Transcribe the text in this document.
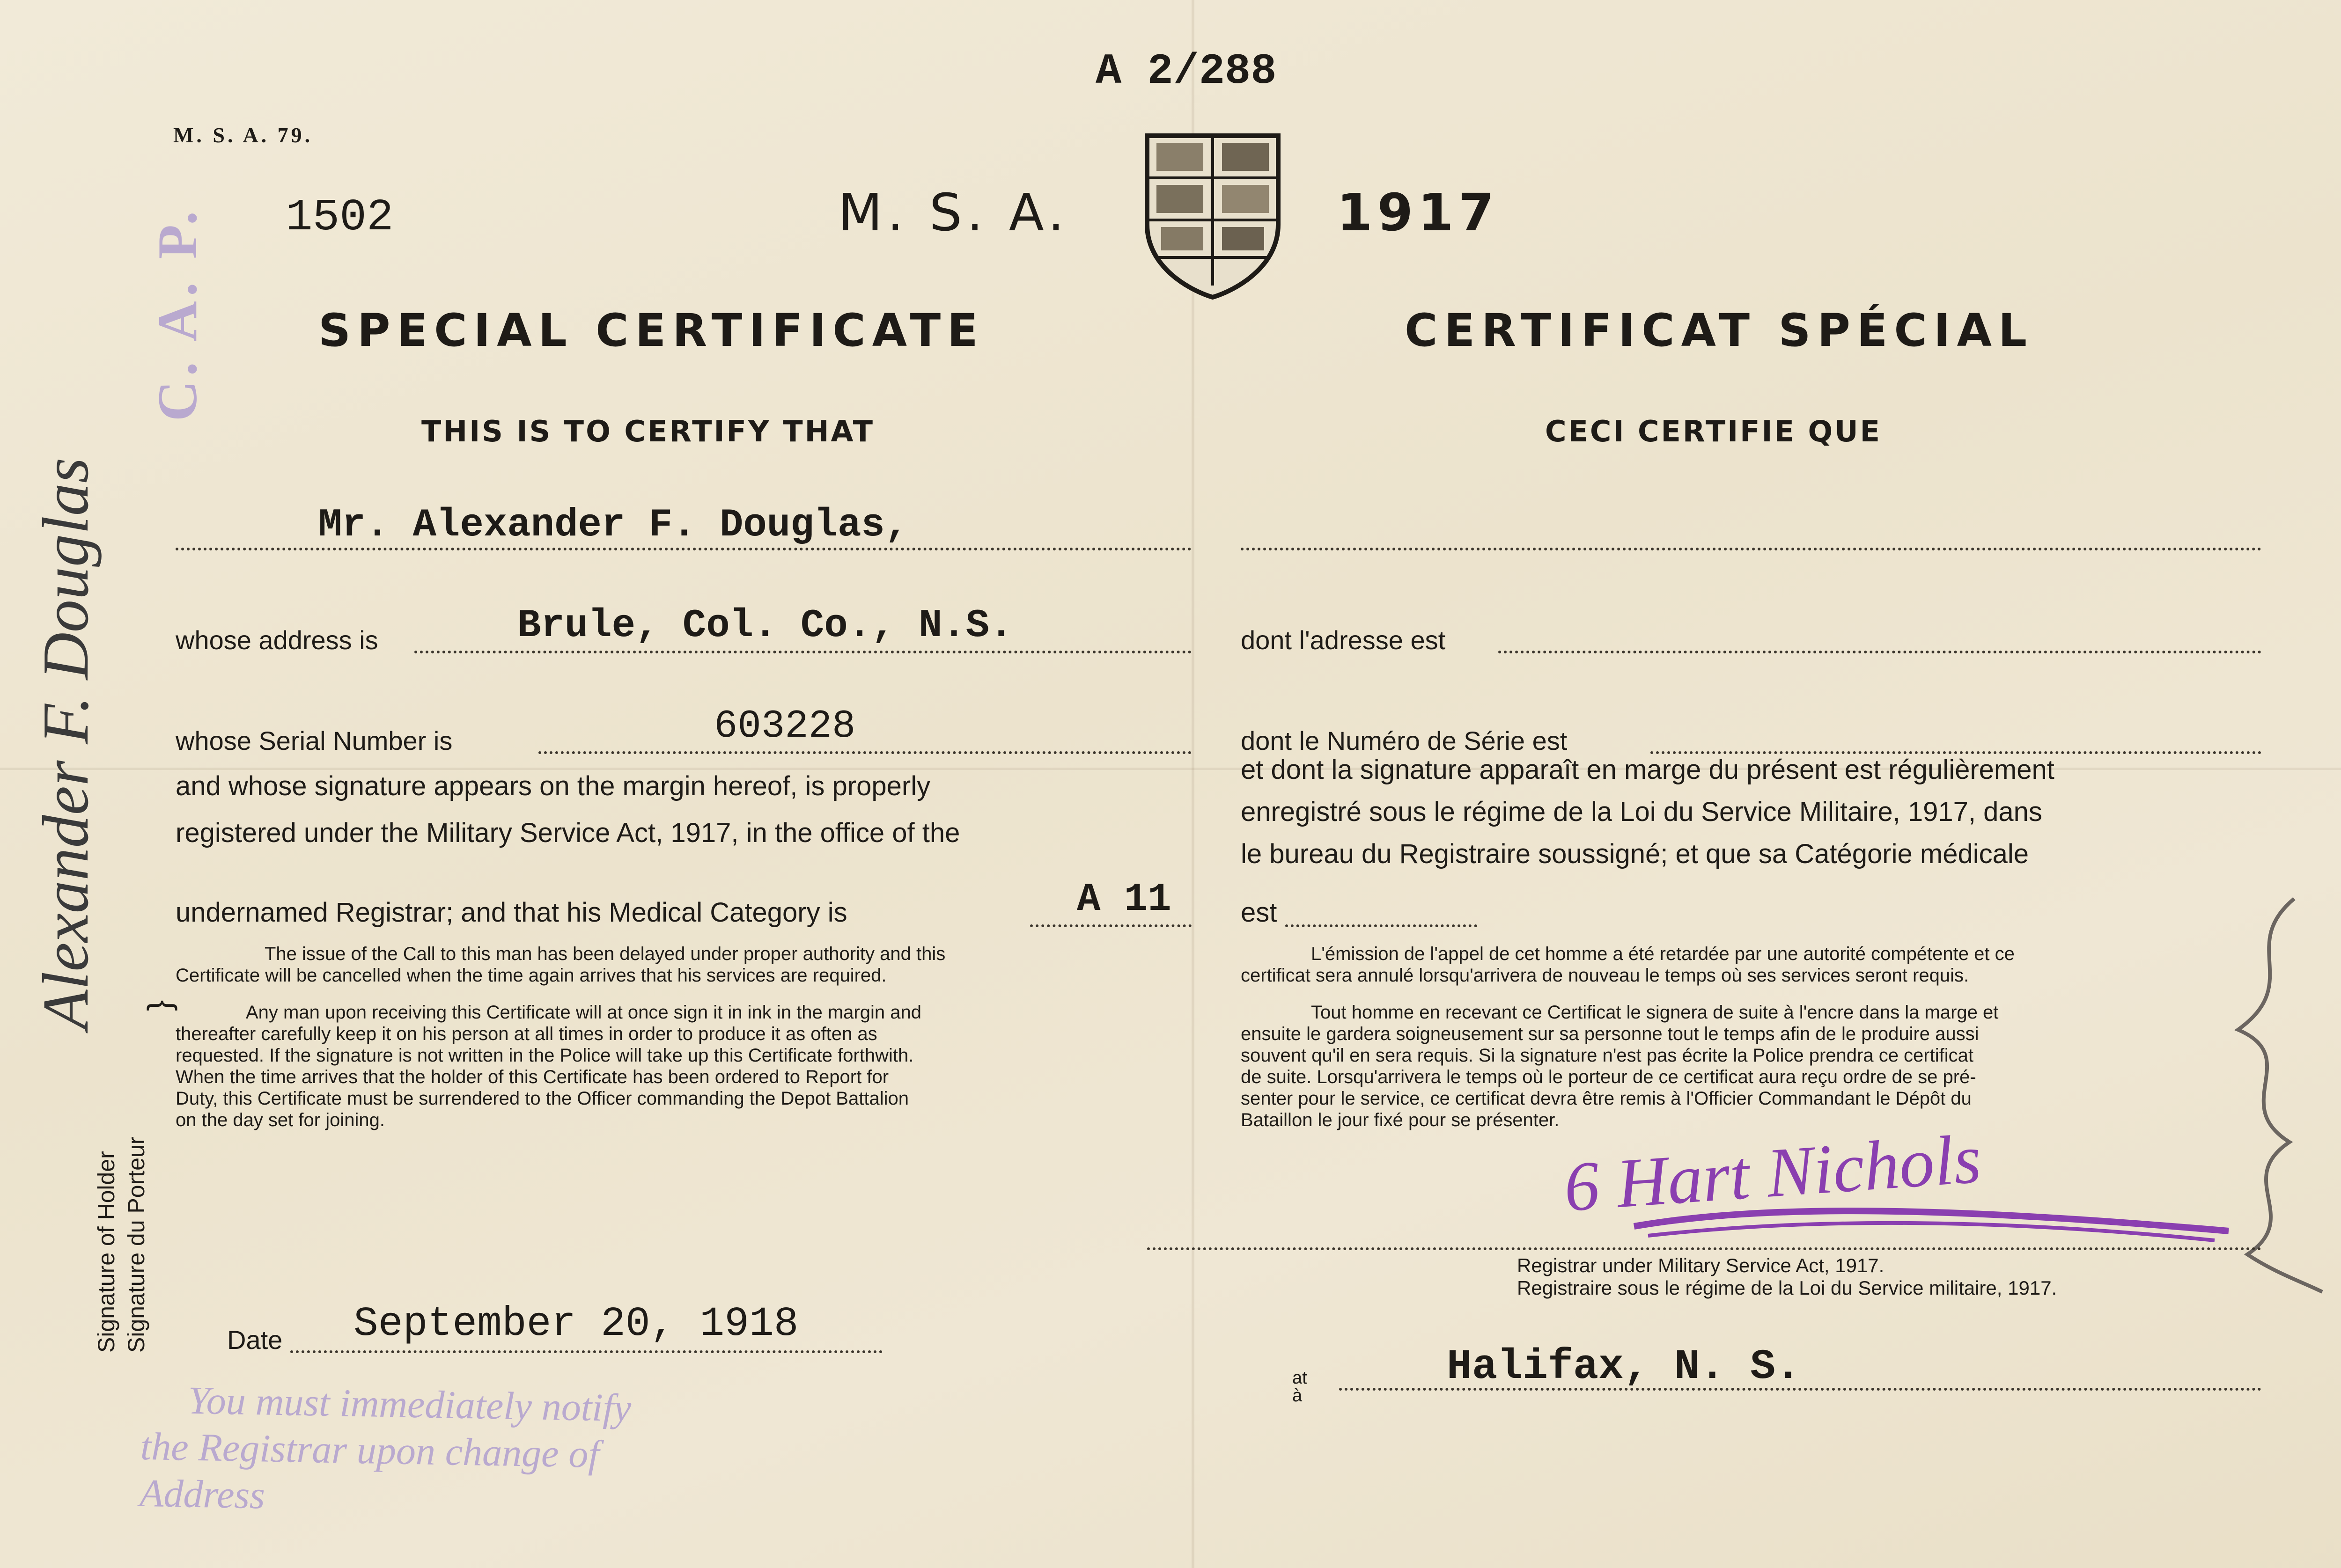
M. S. A. 79.
A 2/288
1502	M. S. A.	1917
C. A. P. SPECIAL CERTIFICATE	CERTIFICAT SPÉCIAL
THIS IS TO CERTIFY THAT	CECI CERTIFIE QUE
Mr. Alexander F. Douglas,
whose address is	Brule, Col. Co., N.S.	dont l'adresse est
whose Serial Number is	603228	dont le Numéro de Série est
and whose signature appears on the margin hereof, is properly
registered under the Military Service Act, 1917, in the office of the
undernamed Registrar; and that his Medical Category is	A 11
et dont la signature apparaît en marge du présent est régulièrement
enregistré sous le régime de la Loi du Service Militaire, 1917, dans
le bureau du Registraire soussigné; et que sa Catégorie médicale
est
The issue of the Call to this man has been delayed under proper authority and this
Certificate will be cancelled when the time again arrives that his services are required.
Any man upon receiving this Certificate will at once sign it in ink in the margin and
thereafter carefully keep it on his person at all times in order to produce it as often as
requested. If the signature is not written in the Police will take up this Certificate forthwith.
When the time arrives that the holder of this Certificate has been ordered to Report for
Duty, this Certificate must be surrendered to the Officer commanding the Depot Battalion
on the day set for joining.
L'émission de l'appel de cet homme a été retardée par une autorité compétente et ce
certificat sera annulé lorsqu'arrivera de nouveau le temps où ses services seront requis.
Tout homme en recevant ce Certificat le signera de suite à l'encre dans la marge et
ensuite le gardera soigneusement sur sa personne tout le temps afin de le produire aussi
souvent qu'il en sera requis. Si la signature n'est pas écrite la Police prendra ce certificat
de suite. Lorsqu'arrivera le temps où le porteur de ce certificat aura reçu ordre de se pré-
senter pour le service, ce certificat devra être remis à l'Officier Commandant le Dépôt du
Bataillon le jour fixé pour se présenter. 6 Hart Nichols
Registrar under Military Service Act, 1917.
Registraire sous le régime de la Loi du Service militaire, 1917.
at
à
Halifax, N. S.
Date September 20, 1918
You must immediately notify
the Registrar upon change of
Address
Signature of Holder Signature du Porteur
}
Alexander F. Douglas
